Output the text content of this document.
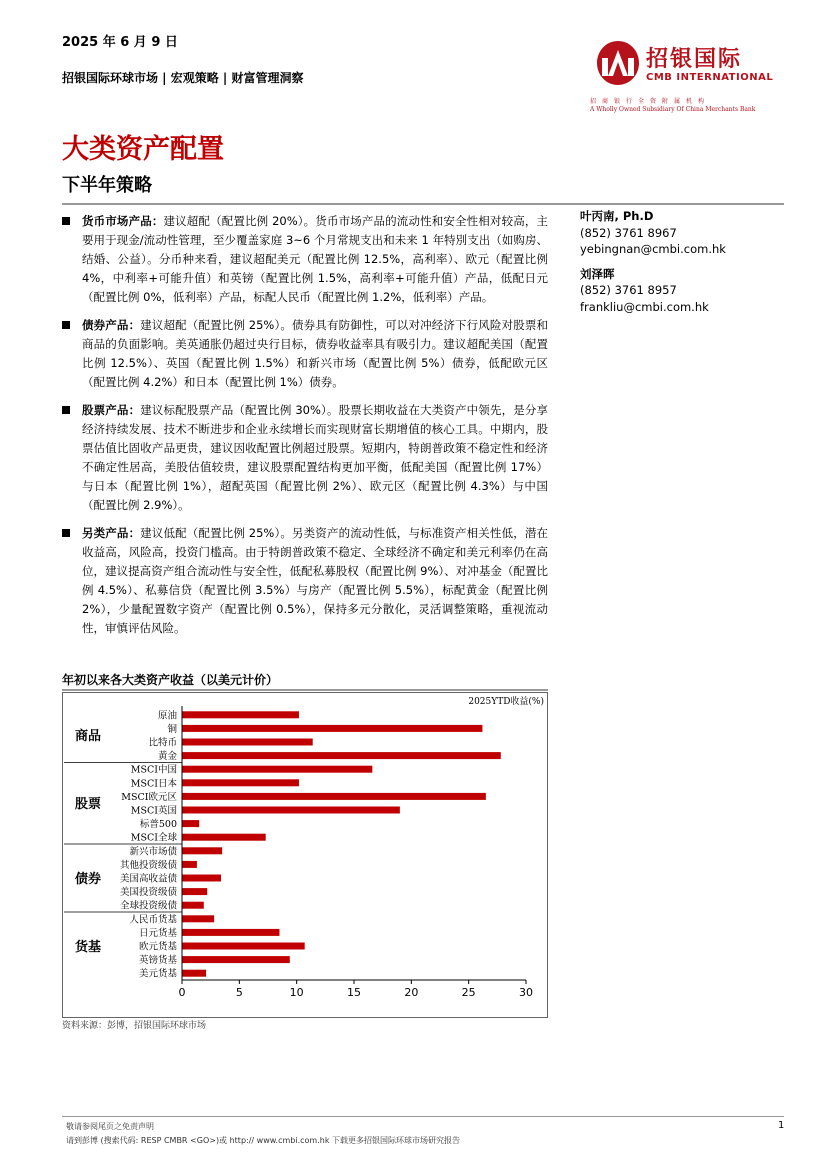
2025 年 6 月 9 日
招银国际环球市场 | 宏观策略 | 财富管理洞察
招银国际
CMB INTERNATIONAL
招商银行全资附属机构
A Wholly Owned Subsidiary Of China Merchants Bank
大类资产配置
下半年策略
货币市场产品：建议超配（配置比例 20%）。货币市场产品的流动性和安全性相对较高，主要用于现金/流动性管理，至少覆盖家庭 3~6 个月常规支出和未来 1 年特別支出（如购房、结婚、公益）。分币种来看，建议超配美元（配置比例 12.5%，高利率）、欧元（配置比例 4%，中利率+可能升值）和英镑（配置比例 1.5%，高利率+可能升值）产品，低配日元（配置比例 0%，低利率）产品，标配人民币（配置比例 1.2%，低利率）产品。
债券产品：建议超配（配置比例 25%）。债券具有防御性，可以对冲经济下行风险对股票和商品的负面影响。美英通胀仍超过央行目标，债券收益率具有吸引力。建议超配美国（配置比例 12.5%）、英国（配置比例 1.5%）和新兴市场（配置比例 5%）债券，低配欧元区（配置比例 4.2%）和日本（配置比例 1%）债券。
股票产品：建议标配股票产品（配置比例 30%）。股票长期收益在大类资产中领先，是分享经济持续发展、技术不断进步和企业永续增长而实现财富长期增值的核心工具。中期内，股票估值比固收产品更贵，建议因收配置比例超过股票。短期内，特朗普政策不稳定性和经济不确定性居高，美股估值较贵，建议股票配置结构更加平衡，低配美国（配置比例 17%）与日本（配置比例 1%），超配英国（配置比例 2%）、欧元区（配置比例 4.3%）与中国（配置比例 2.9%）。
另类产品：建议低配（配置比例 25%）。另类资产的流动性低，与标准资产相关性低，潜在收益高，风险高，投资门槛高。由于特朗普政策不稳定、全球经济不确定和美元利率仍在高位，建议提高资产组合流动性与安全性，低配私募股权（配置比例 9%）、对冲基金（配置比例 4.5%）、私募信贷（配置比例 3.5%）与房产（配置比例 5.5%），标配黄金（配置比例 2%），少量配置数字资产（配置比例 0.5%），保持多元分散化，灵活调整策略，重视流动性，审慎评估风险。
叶丙南, Ph.D
(852) 3761 8967
yebingnan@cmbi.com.hk
刘泽晖
(852) 3761 8957
frankliu@cmbi.com.hk
年初以来各大类资产收益（以美元计价）
2025YTD收益(%)
商品
股票
债券
货基
原油
铜
比特币
黄金
MSCI中国
MSCI日本
MSCI欧元区
MSCI英国
标普500
MSCI全球
新兴市场债
其他投资级债
美国高收益债
美国投资级债
全球投资级债
人民币货基
日元货基
欧元货基
英镑货基
美元货基
0	5	10	15	20	25	30
资料来源：彭博，招银国际环球市场
敬请参阅尾页之免责声明
请到彭博 (搜索代码: RESP CMBR <GO>)或 http:// www.cmbi.com.hk 下载更多招银国际环球市场研究报告
1
